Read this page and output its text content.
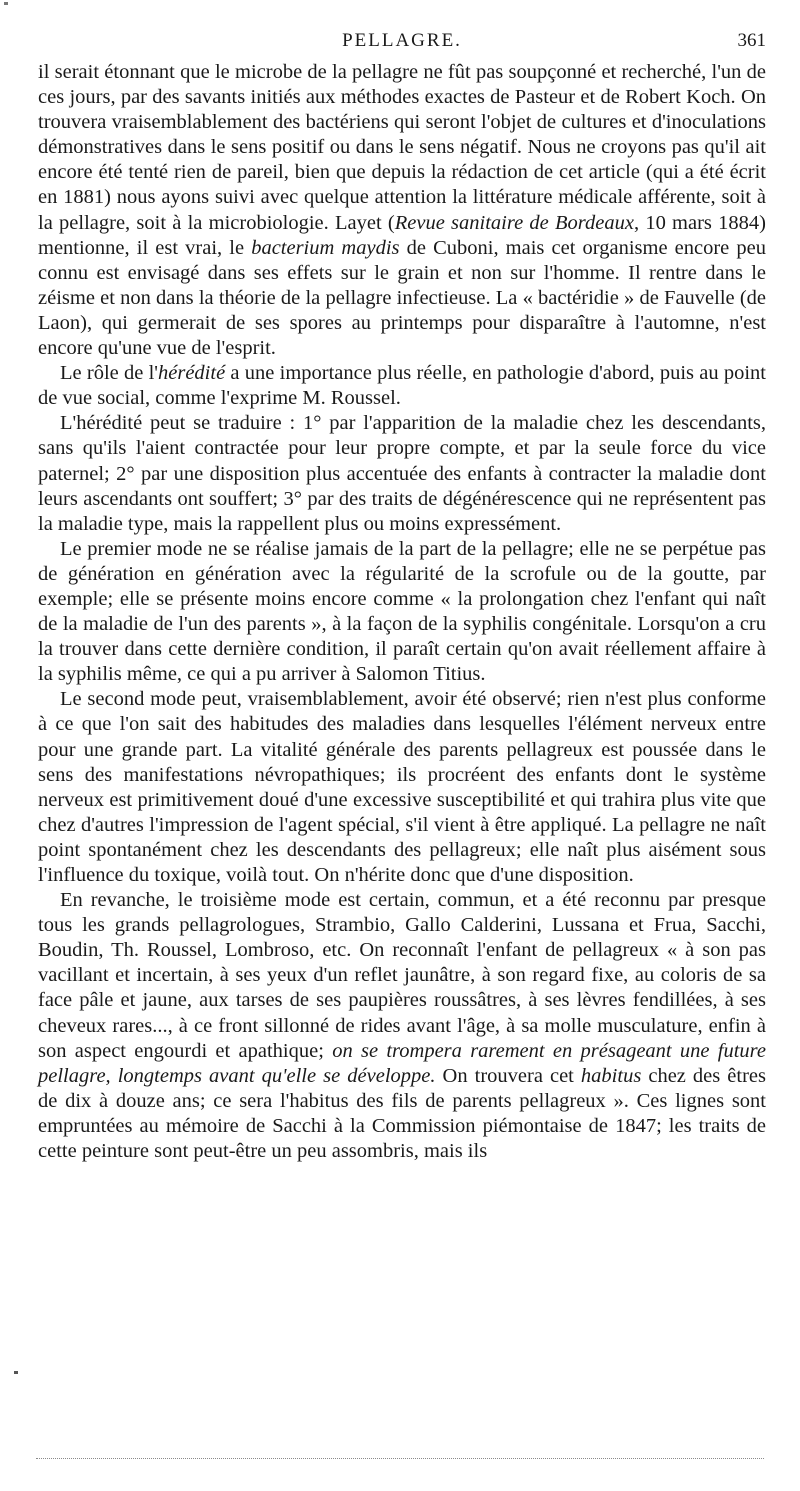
PELLAGRE.	361

il serait étonnant que le microbe de la pellagre ne fût pas soupçonné et recherché, l'un de ces jours, par des savants initiés aux méthodes exactes de Pasteur et de Robert Koch. On trouvera vraisemblablement des bactériens qui seront l'objet de cultures et d'inoculations démonstratives dans le sens positif ou dans le sens négatif. Nous ne croyons pas qu'il ait encore été tenté rien de pareil, bien que depuis la rédaction de cet article (qui a été écrit en 1881) nous ayons suivi avec quelque attention la littérature médicale afférente, soit à la pellagre, soit à la microbiologie. Layet (Revue sanitaire de Bordeaux, 10 mars 1884) mentionne, il est vrai, le bacterium maydis de Cuboni, mais cet organisme encore peu connu est envisagé dans ses effets sur le grain et non sur l'homme. Il rentre dans le zéisme et non dans la théorie de la pellagre infectieuse. La « bactéridie » de Fauvelle (de Laon), qui germerait de ses spores au printemps pour disparaître à l'automne, n'est encore qu'une vue de l'esprit.

Le rôle de l'hérédité a une importance plus réelle, en pathologie d'abord, puis au point de vue social, comme l'exprime M. Roussel.

L'hérédité peut se traduire : 1° par l'apparition de la maladie chez les descendants, sans qu'ils l'aient contractée pour leur propre compte, et par la seule force du vice paternel; 2° par une disposition plus accentuée des enfants à contracter la maladie dont leurs ascendants ont souffert; 3° par des traits de dégénérescence qui ne représentent pas la maladie type, mais la rappellent plus ou moins expressément.

Le premier mode ne se réalise jamais de la part de la pellagre; elle ne se perpétue pas de génération en génération avec la régularité de la scrofule ou de la goutte, par exemple; elle se présente moins encore comme « la prolongation chez l'enfant qui naît de la maladie de l'un des parents », à la façon de la syphilis congénitale. Lorsqu'on a cru la trouver dans cette dernière condition, il paraît certain qu'on avait réellement affaire à la syphilis même, ce qui a pu arriver à Salomon Titius.

Le second mode peut, vraisemblablement, avoir été observé; rien n'est plus conforme à ce que l'on sait des habitudes des maladies dans lesquelles l'élément nerveux entre pour une grande part. La vitalité générale des parents pellagreux est poussée dans le sens des manifestations névropathiques; ils procréent des enfants dont le système nerveux est primitivement doué d'une excessive susceptibilité et qui trahira plus vite que chez d'autres l'impression de l'agent spécial, s'il vient à être appliqué. La pellagre ne naît point spontanément chez les descendants des pellagreux; elle naît plus aisément sous l'influence du toxique, voilà tout. On n'hérite donc que d'une disposition.

En revanche, le troisième mode est certain, commun, et a été reconnu par presque tous les grands pellagrologues, Strambio, Gallo Calderini, Lussana et Frua, Sacchi, Boudin, Th. Roussel, Lombroso, etc. On reconnaît l'enfant de pellagreux « à son pas vacillant et incertain, à ses yeux d'un reflet jaunâtre, à son regard fixe, au coloris de sa face pâle et jaune, aux tarses de ses paupières roussâtres, à ses lèvres fendillées, à ses cheveux rares..., à ce front sillonné de rides avant l'âge, à sa molle musculature, enfin à son aspect engourdi et apathique; on se trompera rarement en présageant une future pellagre, longtemps avant qu'elle se développe. On trouvera cet habitus chez des êtres de dix à douze ans; ce sera l'habitus des fils de parents pellagreux ». Ces lignes sont empruntées au mémoire de Sacchi à la Commission piémontaise de 1847; les traits de cette peinture sont peut-être un peu assombris, mais ils
